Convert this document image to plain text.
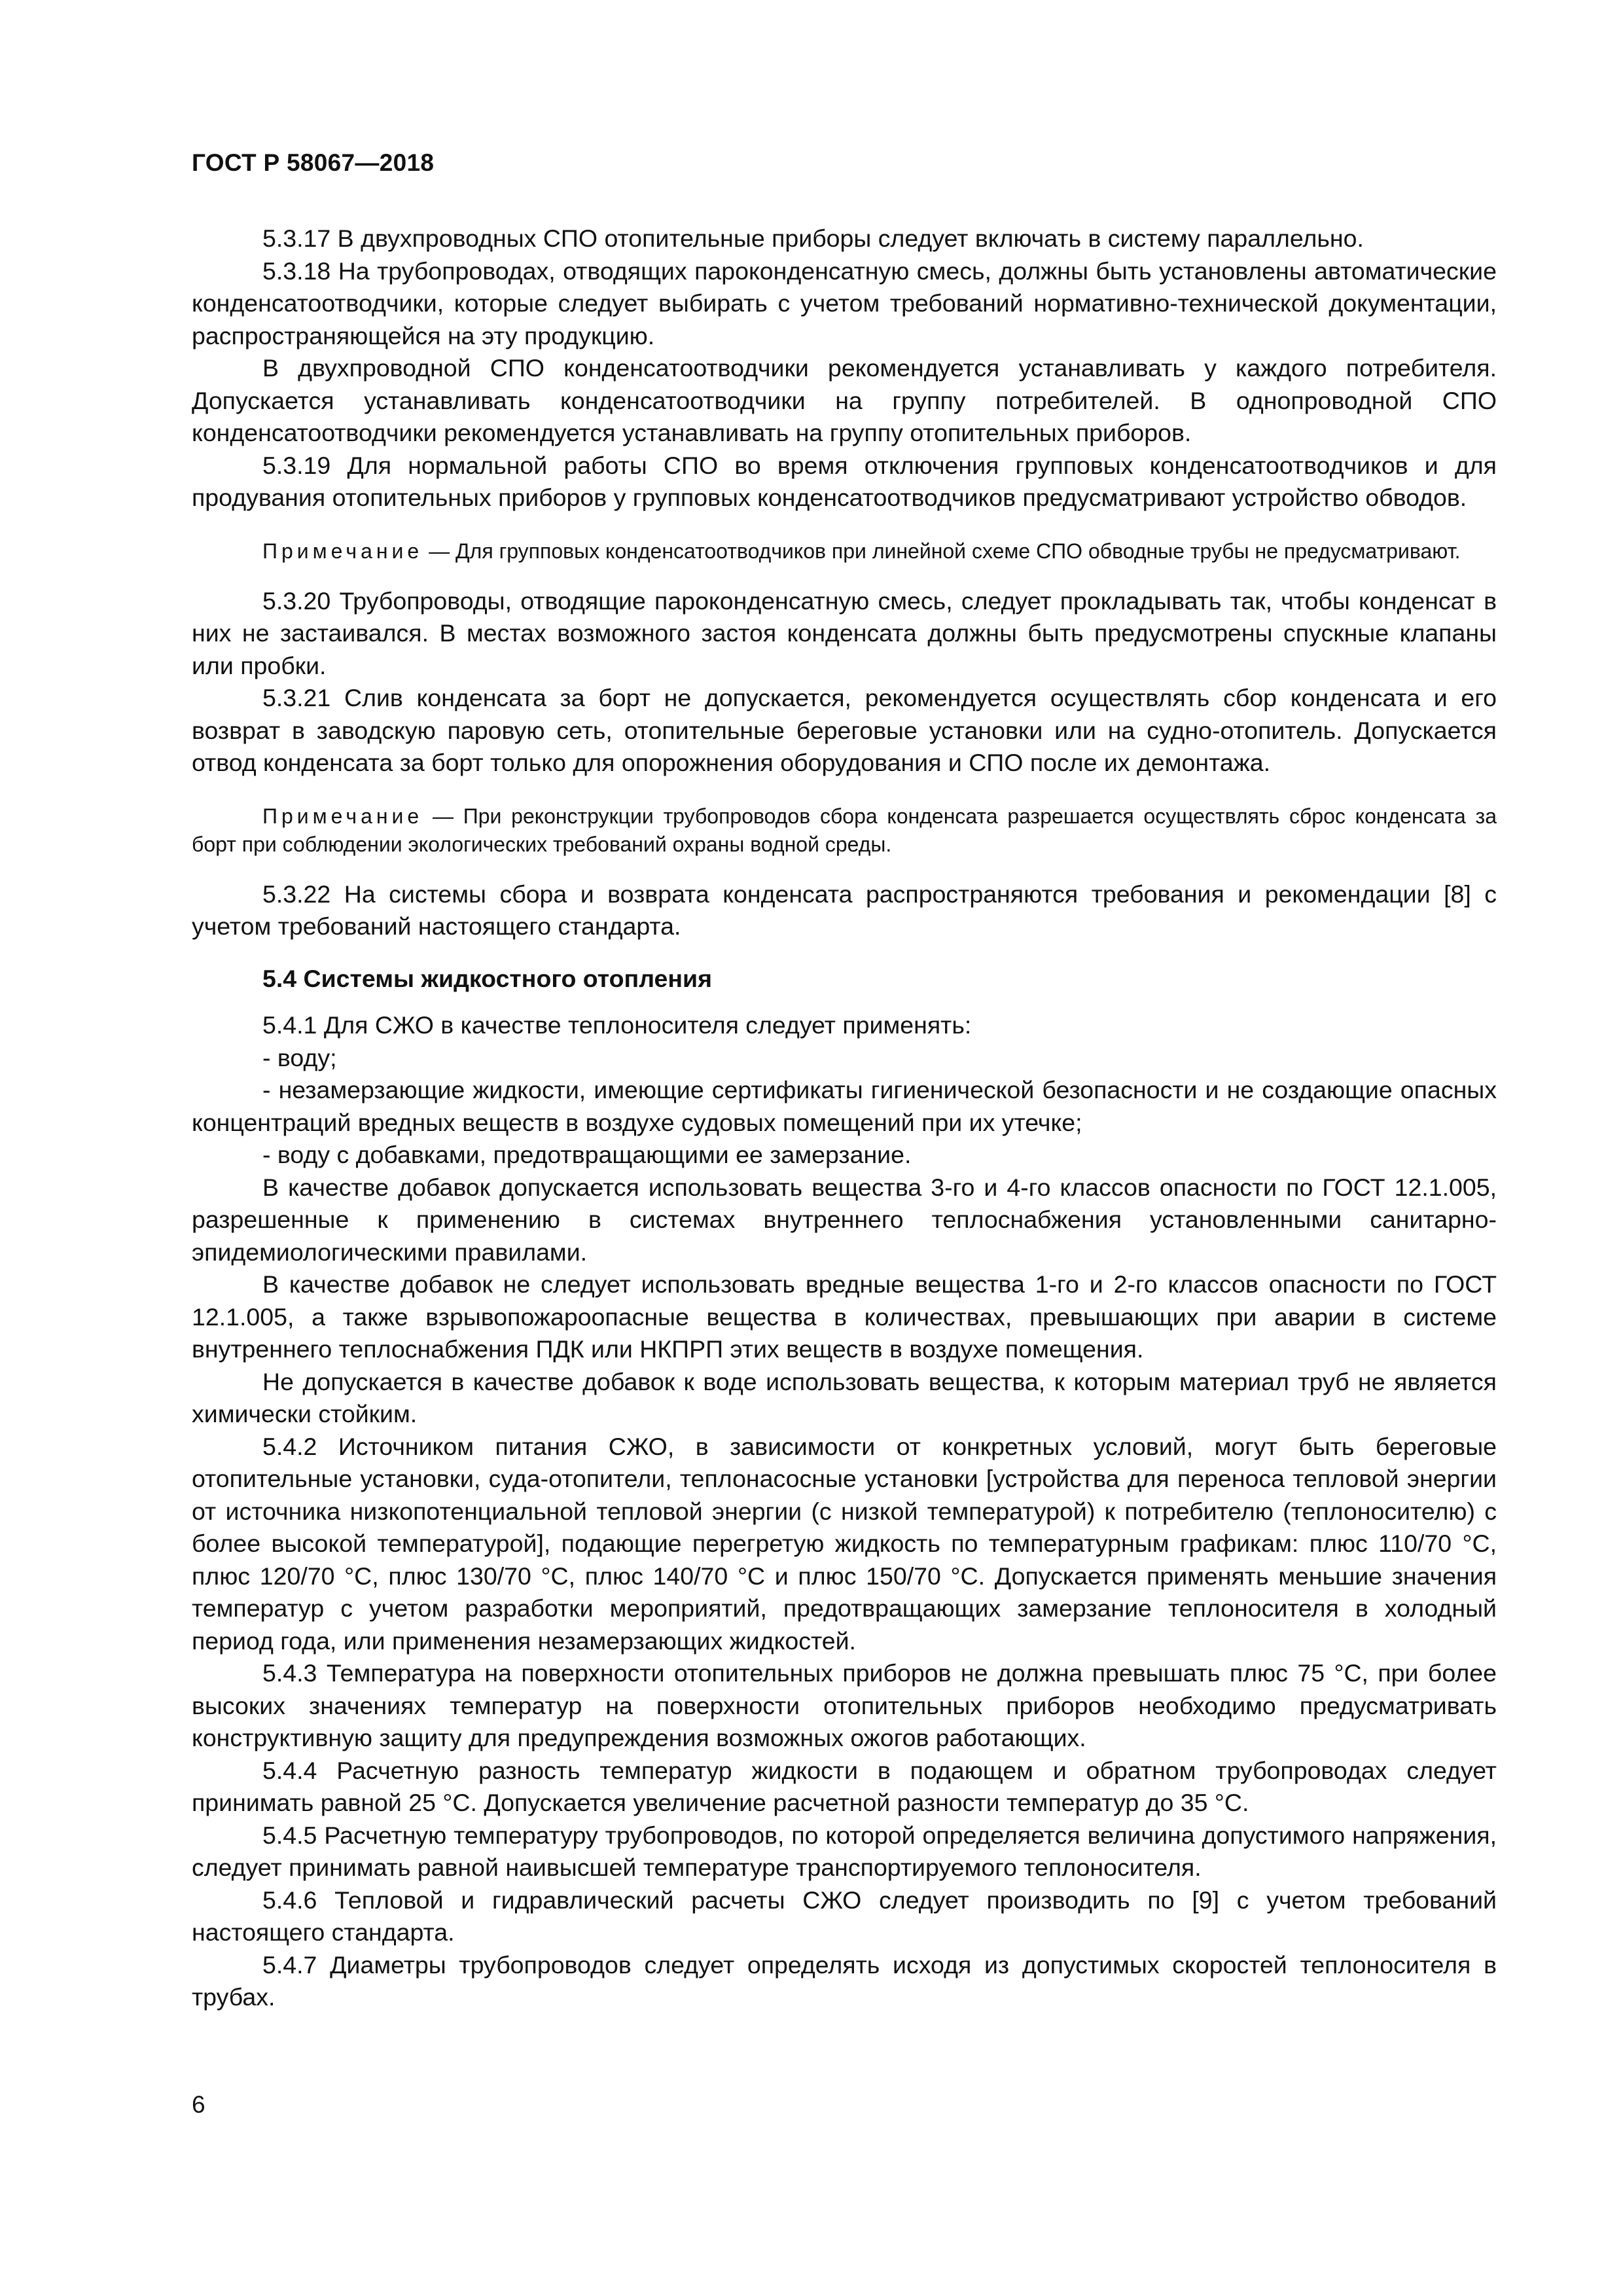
ГОСТ Р 58067—2018

5.3.17 В двухпроводных СПО отопительные приборы следует включать в систему параллельно.

5.3.18 На трубопроводах, отводящих пароконденсатную смесь, должны быть установлены автоматические конденсатоотводчики, которые следует выбирать с учетом требований нормативно-технической документации, распространяющейся на эту продукцию.

В двухпроводной СПО конденсатоотводчики рекомендуется устанавливать у каждого потребителя. Допускается устанавливать конденсатоотводчики на группу потребителей. В однопроводной СПО конденсатоотводчики рекомендуется устанавливать на группу отопительных приборов.

5.3.19 Для нормальной работы СПО во время отключения групповых конденсатоотводчиков и для продувания отопительных приборов у групповых конденсатоотводчиков предусматривают устройство обводов.

Примечание — Для групповых конденсатоотводчиков при линейной схеме СПО обводные трубы не предусматривают.

5.3.20 Трубопроводы, отводящие пароконденсатную смесь, следует прокладывать так, чтобы конденсат в них не застаивался. В местах возможного застоя конденсата должны быть предусмотрены спускные клапаны или пробки.

5.3.21 Слив конденсата за борт не допускается, рекомендуется осуществлять сбор конденсата и его возврат в заводскую паровую сеть, отопительные береговые установки или на судно-отопитель. Допускается отвод конденсата за борт только для опорожнения оборудования и СПО после их демонтажа.

Примечание — При реконструкции трубопроводов сбора конденсата разрешается осуществлять сброс конденсата за борт при соблюдении экологических требований охраны водной среды.

5.3.22 На системы сбора и возврата конденсата распространяются требования и рекомендации [8] с учетом требований настоящего стандарта.

5.4 Системы жидкостного отопления

5.4.1 Для СЖО в качестве теплоносителя следует применять:

- воду;

- незамерзающие жидкости, имеющие сертификаты гигиенической безопасности и не создающие опасных концентраций вредных веществ в воздухе судовых помещений при их утечке;

- воду с добавками, предотвращающими ее замерзание.

В качестве добавок допускается использовать вещества 3-го и 4-го классов опасности по ГОСТ 12.1.005, разрешенные к применению в системах внутреннего теплоснабжения установленными санитарно-эпидемиологическими правилами.

В качестве добавок не следует использовать вредные вещества 1-го и 2-го классов опасности по ГОСТ 12.1.005, а также взрывопожароопасные вещества в количествах, превышающих при аварии в системе внутреннего теплоснабжения ПДК или НКПРП этих веществ в воздухе помещения.

Не допускается в качестве добавок к воде использовать вещества, к которым материал труб не является химически стойким.

5.4.2 Источником питания СЖО, в зависимости от конкретных условий, могут быть береговые отопительные установки, суда-отопители, теплонасосные установки [устройства для переноса тепловой энергии от источника низкопотенциальной тепловой энергии (с низкой температурой) к потребителю (теплоносителю) с более высокой температурой], подающие перегретую жидкость по температурным графикам: плюс 110/70 °С, плюс 120/70 °С, плюс 130/70 °С, плюс 140/70 °С и плюс 150/70 °С. Допускается применять меньшие значения температур с учетом разработки мероприятий, предотвращающих замерзание теплоносителя в холодный период года, или применения незамерзающих жидкостей.

5.4.3 Температура на поверхности отопительных приборов не должна превышать плюс 75 °С, при более высоких значениях температур на поверхности отопительных приборов необходимо предусматривать конструктивную защиту для предупреждения возможных ожогов работающих.

5.4.4 Расчетную разность температур жидкости в подающем и обратном трубопроводах следует принимать равной 25 °С. Допускается увеличение расчетной разности температур до 35 °С.

5.4.5 Расчетную температуру трубопроводов, по которой определяется величина допустимого напряжения, следует принимать равной наивысшей температуре транспортируемого теплоносителя.

5.4.6 Тепловой и гидравлический расчеты СЖО следует производить по [9] с учетом требований настоящего стандарта.

5.4.7 Диаметры трубопроводов следует определять исходя из допустимых скоростей теплоносителя в трубах.

6
